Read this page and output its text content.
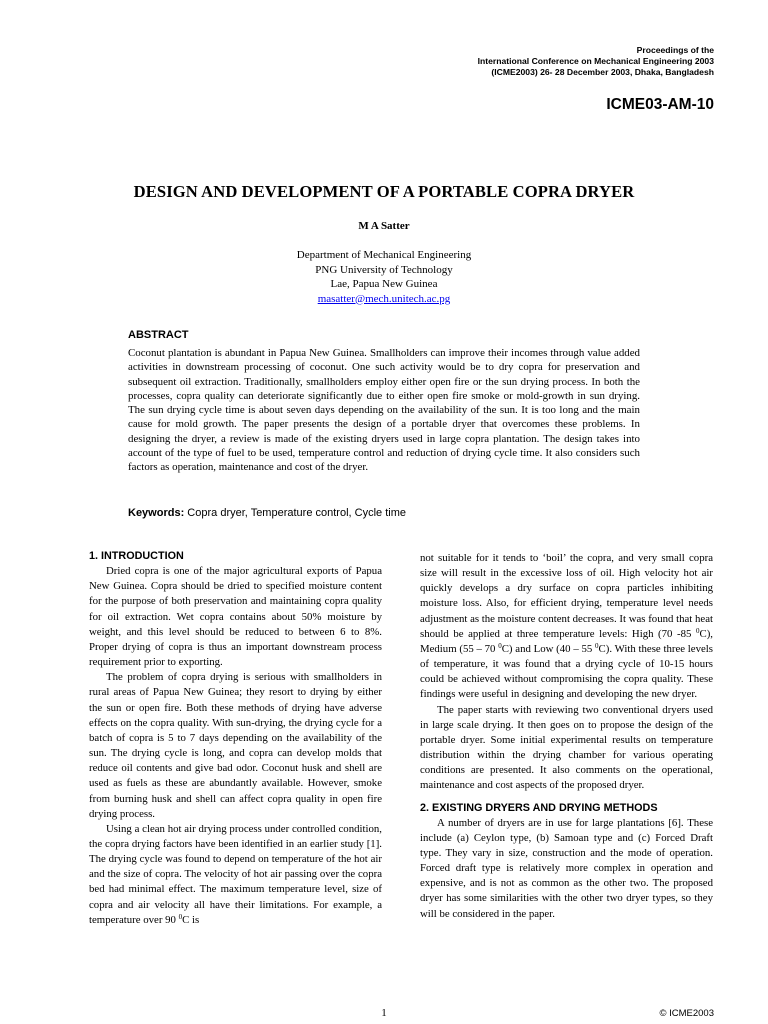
Proceedings of the
International Conference on Mechanical Engineering 2003
(ICME2003) 26- 28 December 2003, Dhaka, Bangladesh
ICME03-AM-10
DESIGN AND DEVELOPMENT OF A PORTABLE COPRA DRYER
M A Satter
Department of Mechanical Engineering
PNG University of Technology
Lae, Papua New Guinea
masatter@mech.unitech.ac.pg
ABSTRACT
Coconut plantation is abundant in Papua New Guinea. Smallholders can improve their incomes through value added activities in downstream processing of coconut. One such activity would be to dry copra for preservation and subsequent oil extraction. Traditionally, smallholders employ either open fire or the sun drying process. In both the processes, copra quality can deteriorate significantly due to either open fire smoke or mold-growth in sun drying. The sun drying cycle time is about seven days depending on the availability of the sun. It is too long and the main cause for mold growth. The paper presents the design of a portable dryer that overcomes these problems. In designing the dryer, a review is made of the existing dryers used in large copra plantation. The design takes into account of the type of fuel to be used, temperature control and reduction of drying cycle time. It also considers such factors as operation, maintenance and cost of the dryer.
Keywords: Copra dryer, Temperature control, Cycle time
1. INTRODUCTION

Dried copra is one of the major agricultural exports of Papua New Guinea. Copra should be dried to specified moisture content for the purpose of both preservation and maintaining copra quality for oil extraction. Wet copra contains about 50% moisture by weight, and this level should be reduced to between 6 to 8%. Proper drying of copra is thus an important downstream process requirement prior to exporting.

The problem of copra drying is serious with smallholders in rural areas of Papua New Guinea; they resort to drying by either the sun or open fire. Both these methods of drying have adverse effects on the copra quality. With sun-drying, the drying cycle for a batch of copra is 5 to 7 days depending on the availability of the sun. The drying cycle is long, and copra can develop molds that reduce oil contents and give bad odor. Coconut husk and shell are used as fuels as these are abundantly available. However, smoke from burning husk and shell can affect copra quality in open fire drying process.

Using a clean hot air drying process under controlled condition, the copra drying factors have been identified in an earlier study [1]. The drying cycle was found to depend on temperature of the hot air and the size of copra. The velocity of hot air passing over the copra bed had minimal effect. The maximum temperature level, size of copra and air velocity all have their limitations. For example, a temperature over 90 $^0$C is

not suitable for it tends to ‘boil’ the copra, and very small copra size will result in the excessive loss of oil. High velocity hot air quickly develops a dry surface on copra particles inhibiting moisture loss. Also, for efficient drying, temperature level needs adjustment as the moisture content decreases. It was found that heat should be applied at three temperature levels: High (70 -85 $^0$C), Medium (55 – 70 $^0$C) and Low (40 – 55 $^0$C). With these three levels of temperature, it was found that a drying cycle of 10-15 hours could be achieved without compromising the copra quality. These findings were useful in designing and developing the new dryer.

The paper starts with reviewing two conventional dryers used in large scale drying. It then goes on to propose the design of the portable dryer. Some initial experimental results on temperature distribution within the drying chamber for various operating conditions are presented. It also comments on the operational, maintenance and cost aspects of the proposed dryer.

2. EXISTING DRYERS AND DRYING METHODS

A number of dryers are in use for large plantations [6]. These include (a) Ceylon type, (b) Samoan type and (c) Forced Draft type. They vary in size, construction and the mode of operation. Forced draft type is relatively more complex in operation and expensive, and is not as common as the other two. The proposed dryer has some similarities with the other two dryer types, so they will be considered in the paper.

1	© ICME2003
